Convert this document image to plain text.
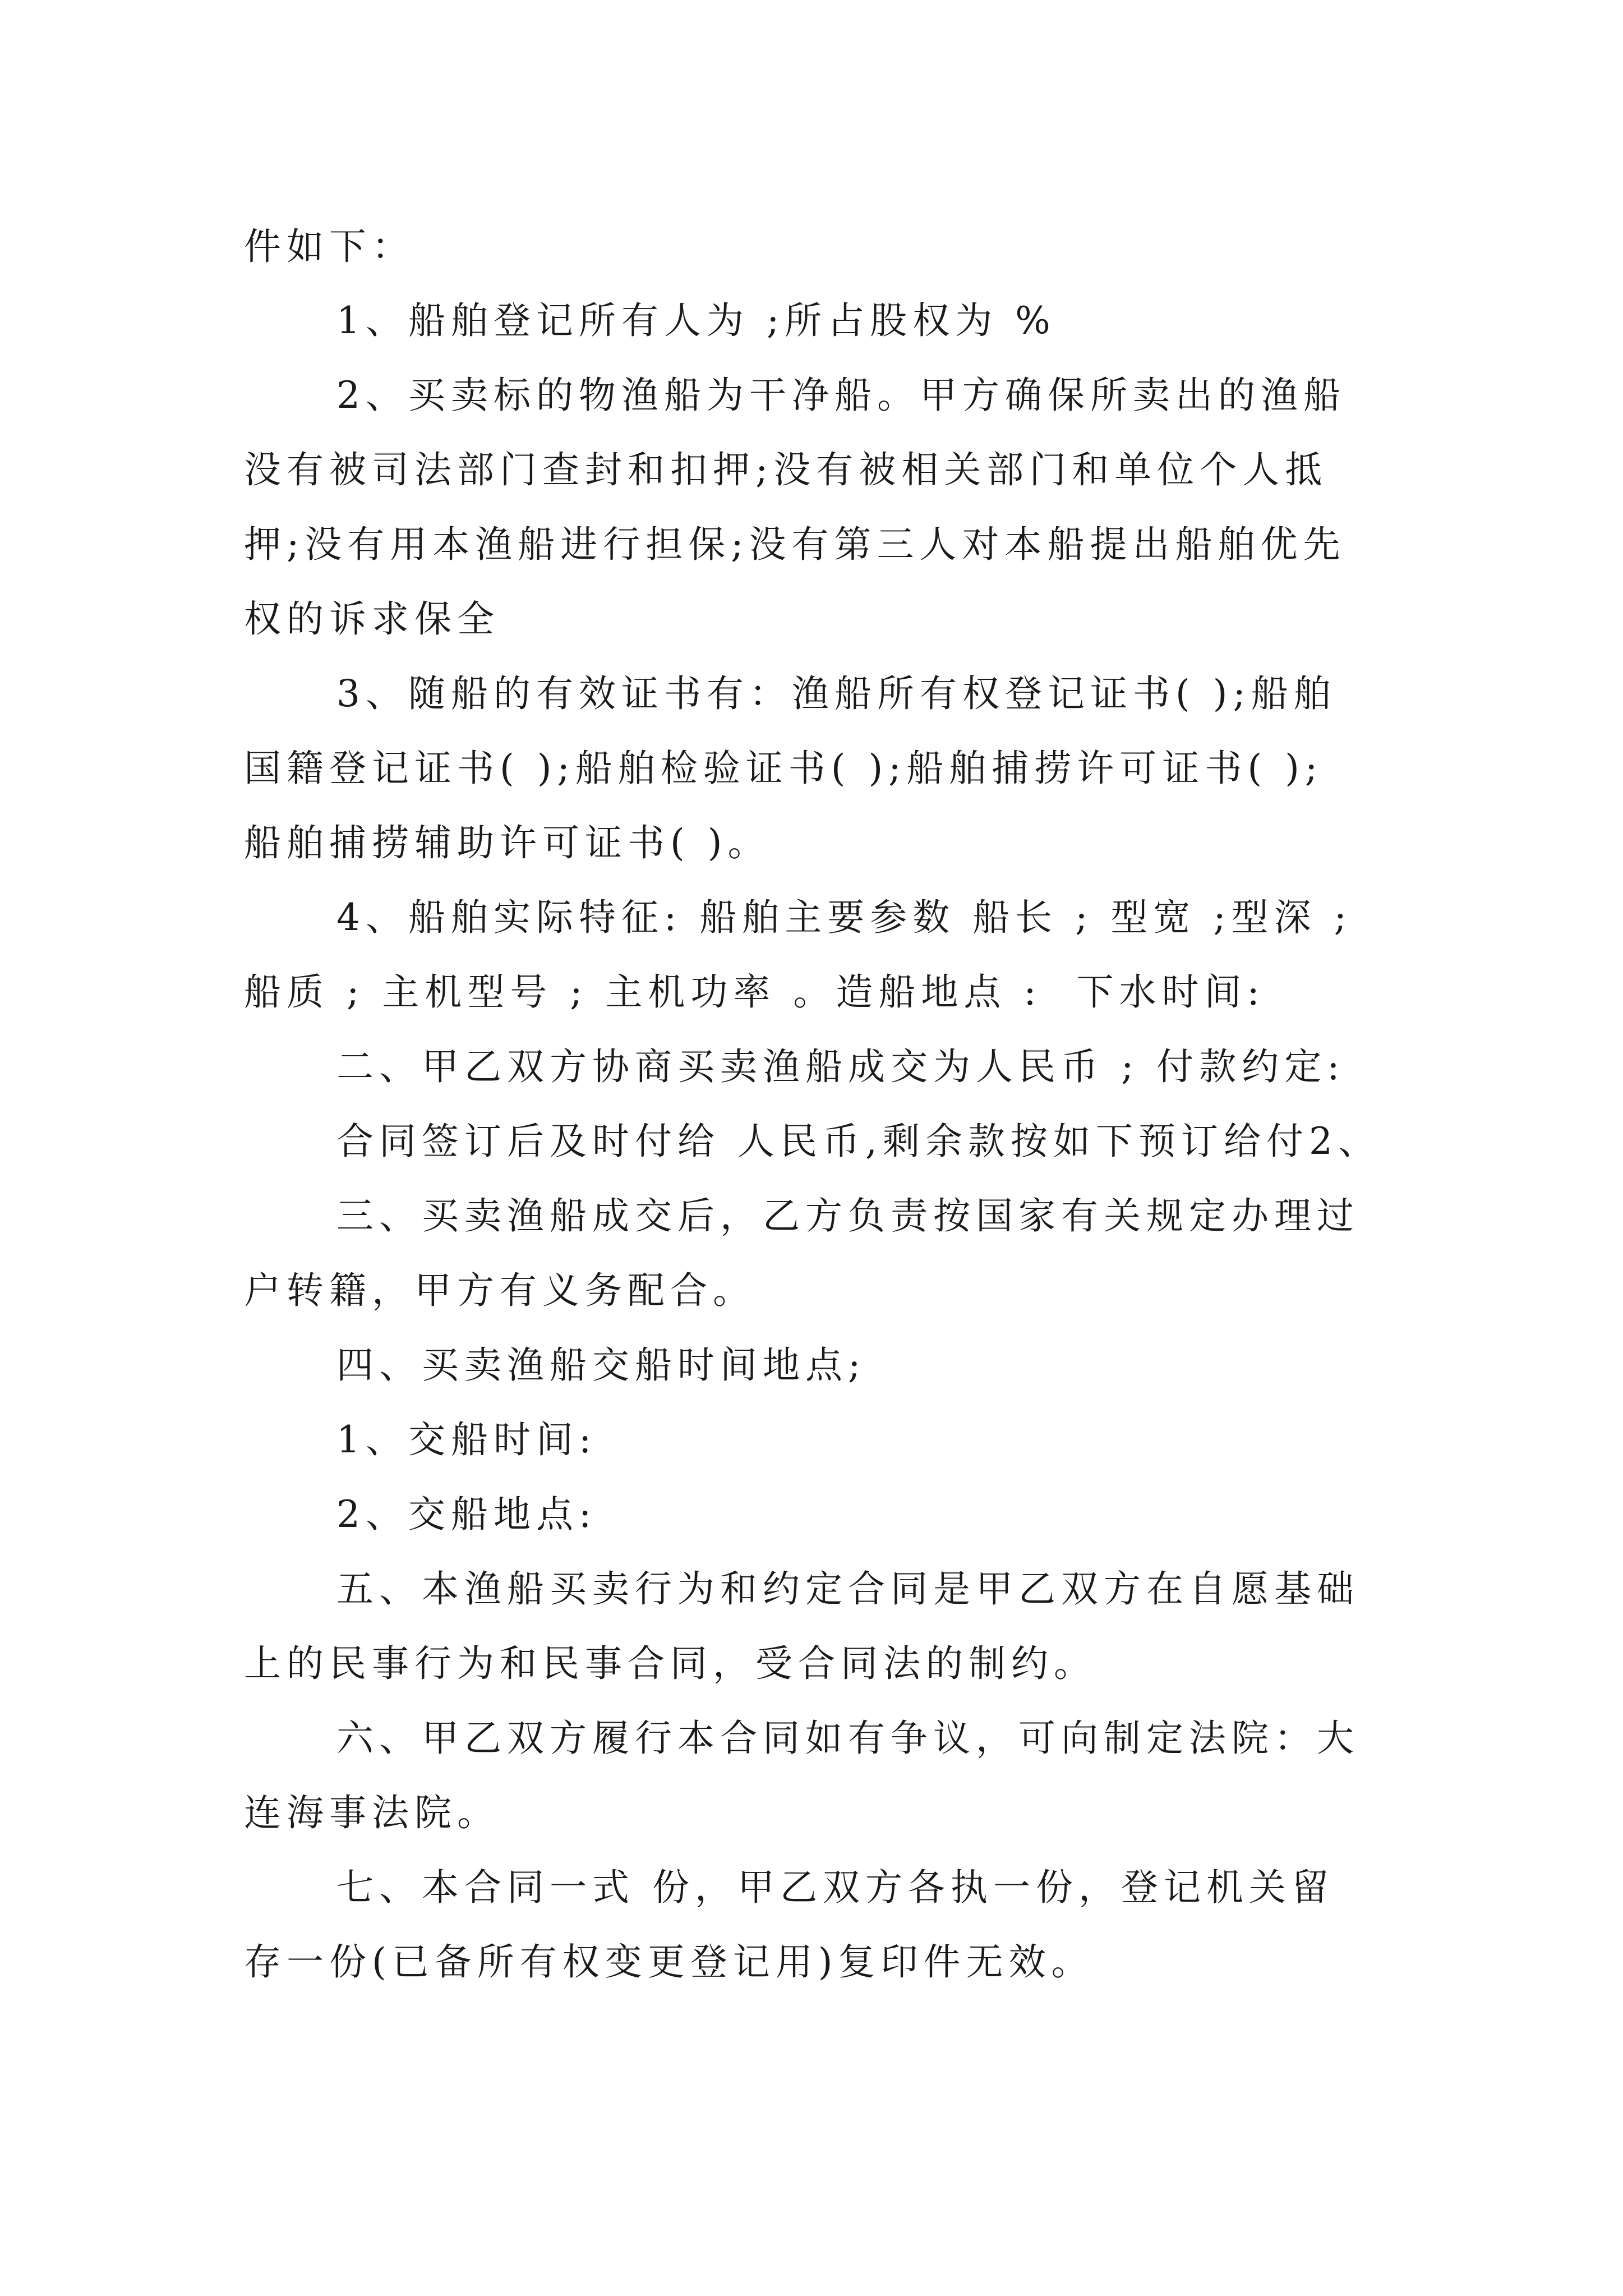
件如下：
1、船舶登记所有人为 ;所占股权为 %
2、买卖标的物渔船为干净船。甲方确保所卖出的渔船
没有被司法部门查封和扣押;没有被相关部门和单位个人抵
押;没有用本渔船进行担保;没有第三人对本船提出船舶优先
权的诉求保全
3、随船的有效证书有：渔船所有权登记证书( );船舶
国籍登记证书( );船舶检验证书( );船舶捕捞许可证书( );
船舶捕捞辅助许可证书( )。
4、船舶实际特征: 船舶主要参数 船长 ; 型宽 ;型深 ;
船质 ; 主机型号 ; 主机功率 。造船地点 :  下水时间:
二、甲乙双方协商买卖渔船成交为人民币 ; 付款约定:
合同签订后及时付给 人民币,剩余款按如下预订给付2、
三、买卖渔船成交后，乙方负责按国家有关规定办理过
户转籍，甲方有义务配合。
四、买卖渔船交船时间地点;
1、交船时间:
2、交船地点:
五、本渔船买卖行为和约定合同是甲乙双方在自愿基础
上的民事行为和民事合同，受合同法的制约。
六、甲乙双方履行本合同如有争议，可向制定法院：大
连海事法院。
七、本合同一式 份，甲乙双方各执一份，登记机关留
存一份(已备所有权变更登记用)复印件无效。
